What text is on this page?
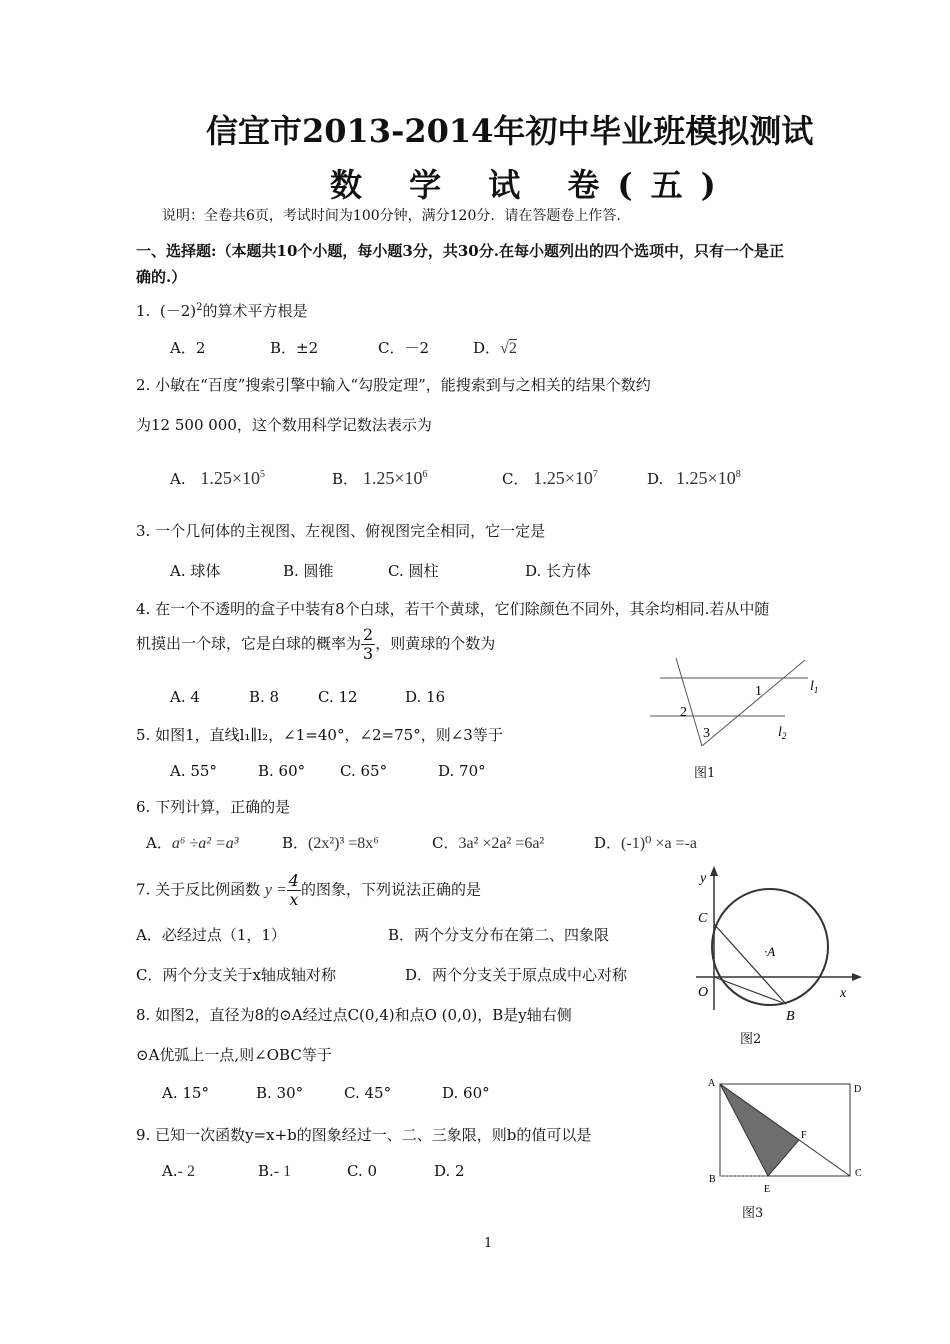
信宜市2013-2014年初中毕业班模拟测试
数 学 试 卷(五)
说明：全卷共6页，考试时间为100分钟，满分120分．请在答题卷上作答.
一、选择题:（本题共10个小题，每小题3分，共30分.在每小题列出的四个选项中，只有一个是正
确的.）
1. $(-2)^2$的算术平方根是
A．2	B．±2	C．－2	D．√2
2. 小敏在“百度”搜索引擎中输入“勾股定理”，能搜索到与之相关的结果个数约
为12 500 000，这个数用科学记数法表示为
A. $1.25\times 10^5$	B． $1.25\times 10^6$	C． $1.25\times 10^7$	D. $1.25\times 10^8$
3. 一个几何体的主视图、左视图、俯视图完全相同，它一定是
A. 球体	B. 圆锥	C. 圆柱	D. 长方体
4. 在一个不透明的盒子中装有8个白球，若干个黄球，它们除颜色不同外，其余均相同.若从中随
机摸出一个球，它是白球的概率为 $\frac{2}{3}$ ，则黄球的个数为
A. 4	B. 8	C. 12	D. 16
5. 如图1，直线l₁∥l₂，∠1=40°，∠2=75°，则∠3等于
A. 55°	B. 60° C. 65°	D. 70°
6. 下列计算，正确的是
A．a⁶ ÷a² =a³	B．(2x²)³ =8x⁶	C．3a² ×2a² =6a²	D．(-1)⁰ ×a =-a
7. 关于反比例函数 $y = \frac{4}{x}$ 的图象，下列说法正确的是
A．必经过点（1，1）	B．两个分支分布在第二、四象限
C．两个分支关于x轴成轴对称	D．两个分支关于原点成中心对称
8. 如图2，直径为8的⊙A经过点C(0,4)和点O (0,0)，B是y轴右侧
⊙A优弧上一点,则∠OBC等于
A. 15°	B. 30°	C. 45°	D. 60°
9. 已知一次函数y=x+b的图象经过一、二、三象限，则b的值可以是
A.- 2	B.- 1	C. 0	D. 2
1
2
3
$l_1$
$l_2$
图1
y
x
O
C
·A
B
图2
A
D
B
C
E
F
图3
1
